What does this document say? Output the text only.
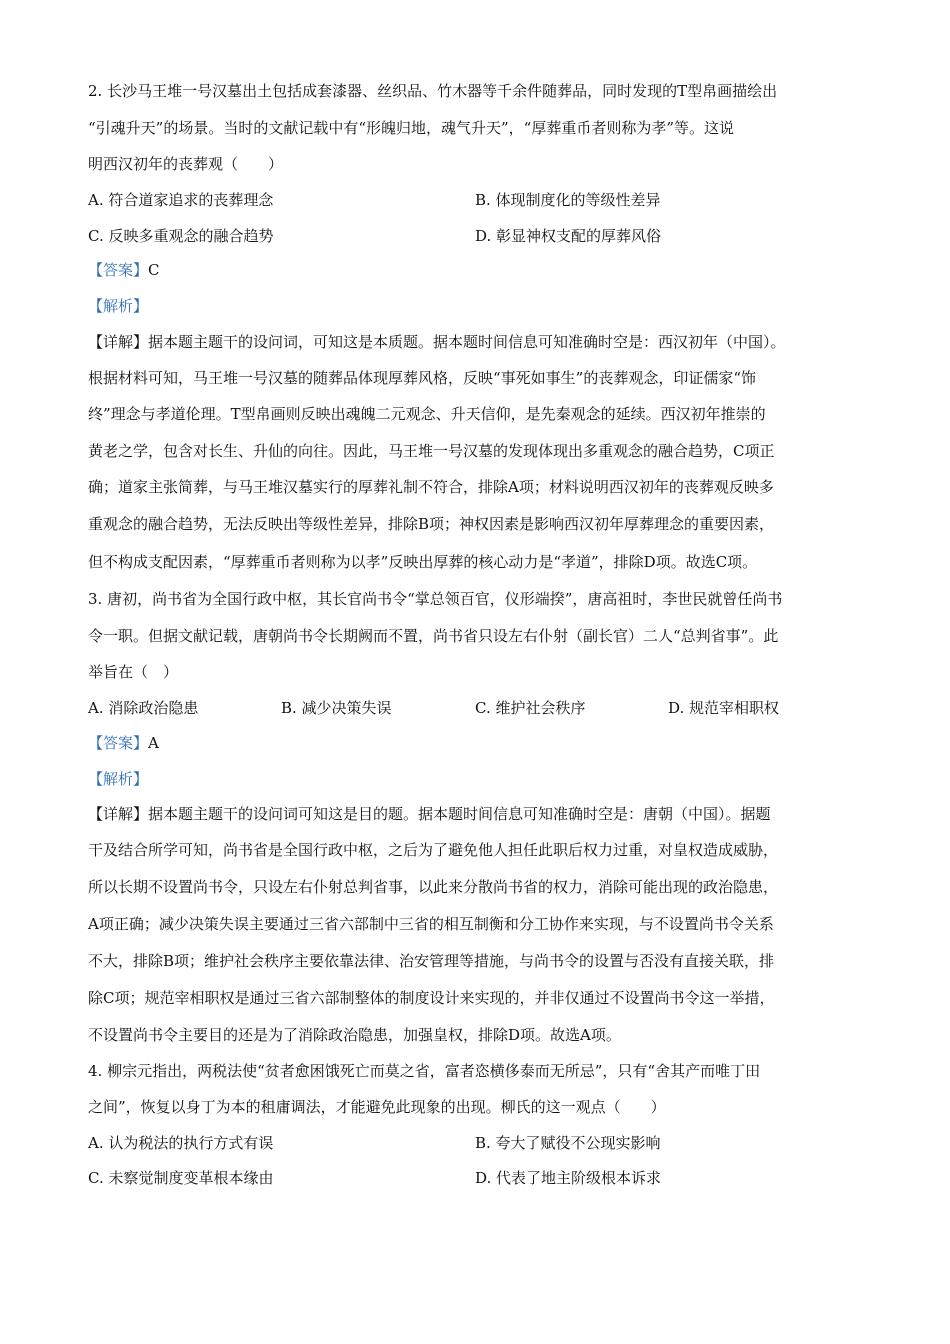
2. 长沙马王堆一号汉墓出土包括成套漆器、丝织品、竹木器等千余件随葬品，同时发现的T型帛画描绘出
“引魂升天”的场景。当时的文献记载中有“形魄归地，魂气升天”，“厚葬重币者则称为孝”等。这说
明西汉初年的丧葬观（　　）
A. 符合道家追求的丧葬理念	B. 体现制度化的等级性差异
C. 反映多重观念的融合趋势	D. 彰显神权支配的厚葬风俗
【答案】C
【解析】
【详解】据本题主题干的设问词，可知这是本质题。据本题时间信息可知准确时空是：西汉初年（中国）。
根据材料可知，马王堆一号汉墓的随葬品体现厚葬风格，反映“事死如事生”的丧葬观念，印证儒家“饰
终”理念与孝道伦理。T型帛画则反映出魂魄二元观念、升天信仰，是先秦观念的延续。西汉初年推崇的
黄老之学，包含对长生、升仙的向往。因此，马王堆一号汉墓的发现体现出多重观念的融合趋势，C项正
确；道家主张简葬，与马王堆汉墓实行的厚葬礼制不符合，排除A项；材料说明西汉初年的丧葬观反映多
重观念的融合趋势，无法反映出等级性差异，排除B项；神权因素是影响西汉初年厚葬理念的重要因素，
但不构成支配因素，“厚葬重币者则称为以孝”反映出厚葬的核心动力是“孝道”，排除D项。故选C项。
3. 唐初，尚书省为全国行政中枢，其长官尚书令“掌总领百官，仪形端揆”，唐高祖时，李世民就曾任尚书
令一职。但据文献记载，唐朝尚书令长期阙而不置，尚书省只设左右仆射（副长官）二人“总判省事”。此
举旨在（　）
A. 消除政治隐患	B. 减少决策失误	C. 维护社会秩序	D. 规范宰相职权
【答案】A
【解析】
【详解】据本题主题干的设问词可知这是目的题。据本题时间信息可知准确时空是：唐朝（中国）。据题
干及结合所学可知，尚书省是全国行政中枢，之后为了避免他人担任此职后权力过重，对皇权造成威胁，
所以长期不设置尚书令，只设左右仆射总判省事，以此来分散尚书省的权力，消除可能出现的政治隐患，
A项正确；减少决策失误主要通过三省六部制中三省的相互制衡和分工协作来实现，与不设置尚书令关系
不大，排除B项；维护社会秩序主要依靠法律、治安管理等措施，与尚书令的设置与否没有直接关联，排
除C项；规范宰相职权是通过三省六部制整体的制度设计来实现的，并非仅通过不设置尚书令这一举措，
不设置尚书令主要目的还是为了消除政治隐患，加强皇权，排除D项。故选A项。
4. 柳宗元指出，两税法使“贫者愈困饿死亡而莫之省，富者恣横侈泰而无所忌”，只有“舍其产而唯丁田
之间”，恢复以身丁为本的租庸调法，才能避免此现象的出现。柳氏的这一观点（　　）
A. 认为税法的执行方式有误	B. 夸大了赋役不公现实影响
C. 未察觉制度变革根本缘由	D. 代表了地主阶级根本诉求
